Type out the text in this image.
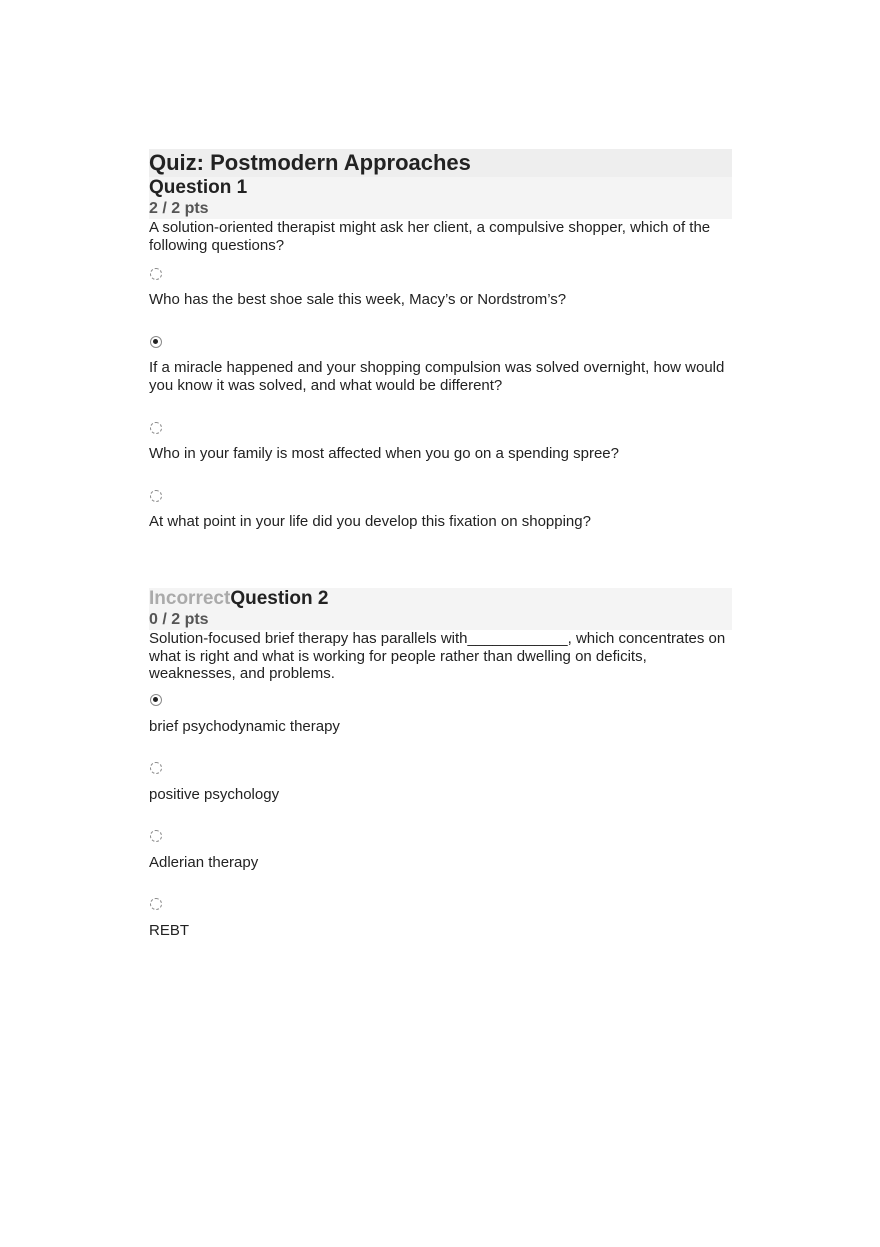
Quiz: Postmodern Approaches
Question 1
2 / 2 pts

A solution-oriented therapist might ask her client, a compulsive shopper, which of the following questions?

Who has the best shoe sale this week, Macy’s or Nordstrom’s?
If a miracle happened and your shopping compulsion was solved overnight, how would you know it was solved, and what would be different?
Who in your family is most affected when you go on a spending spree?
At what point in your life did you develop this fixation on shopping?
IncorrectQuestion 2
0 / 2 pts

Solution-focused brief therapy has parallels with____________, which concentrates on what is right and what is working for people rather than dwelling on deficits, weaknesses, and problems.

brief psychodynamic therapy
positive psychology
Adlerian therapy
REBT
